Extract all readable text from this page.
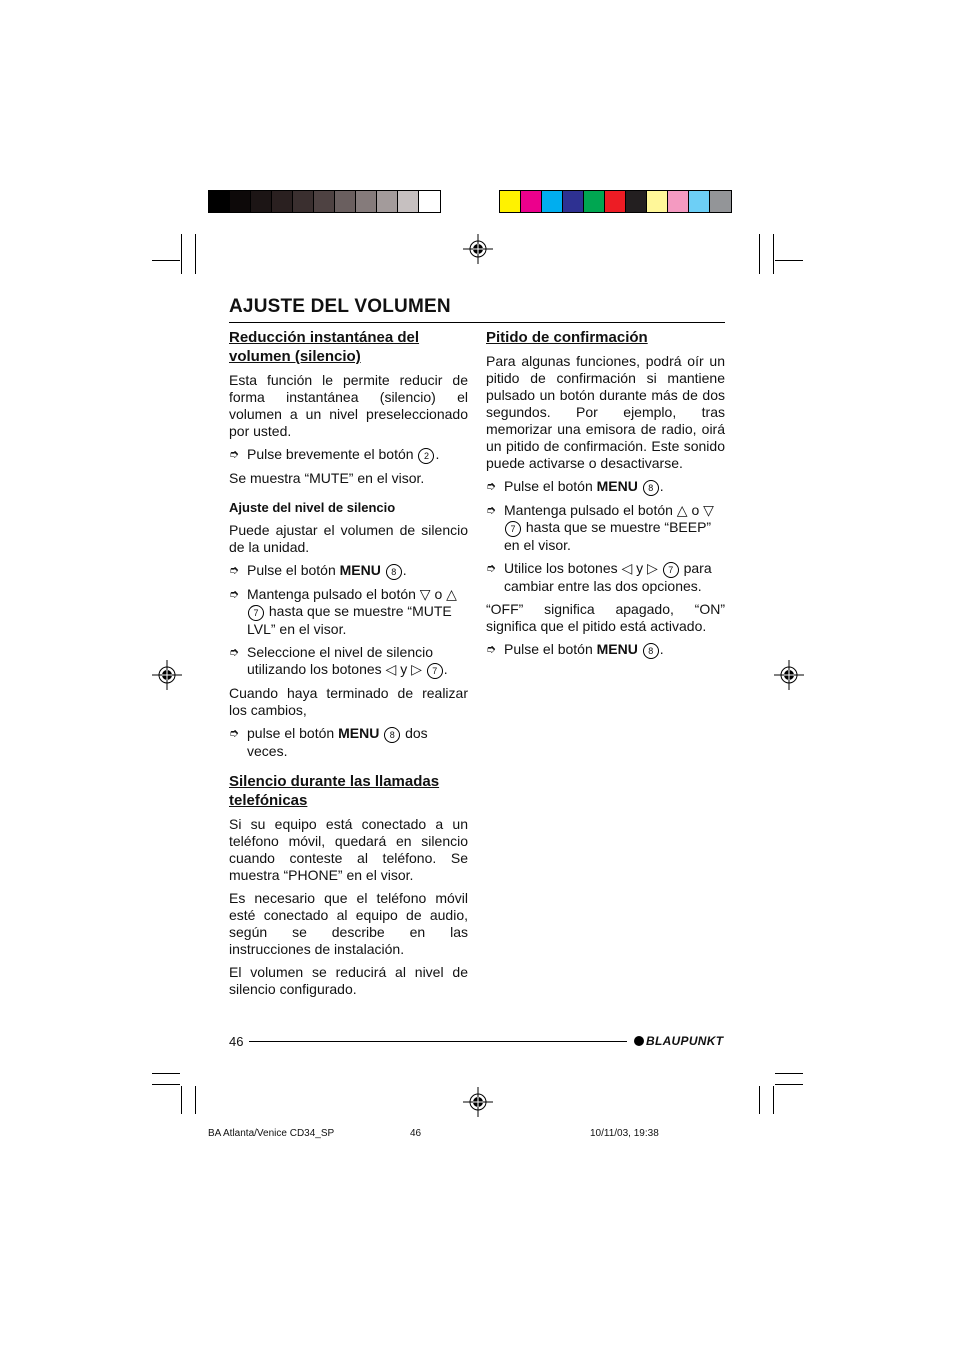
AJUSTE DEL VOLUMEN
Reducción instantánea del volumen (silencio)
Esta función le permite reducir de forma instantánea (silencio) el volumen a un nivel preseleccionado por usted.
➮ Pulse brevemente el botón 2 .
Se muestra “MUTE” en el visor.
Ajuste del nivel de silencio
Puede ajustar el volumen de silencio de la unidad.
➮ Pulse el botón MENU 8 .
➮ Mantenga pulsado el botón ▽ o △ 7 hasta que se muestre “MUTE LVL” en el visor.
➮ Seleccione el nivel de silencio utilizando los botones ◁ y ▷ 7 .
Cuando haya terminado de realizar los cambios,
➮ pulse el botón MENU 8 dos veces.
Silencio durante las llamadas telefónicas
Si su equipo está conectado a un teléfono móvil, quedará en silencio cuando conteste al teléfono. Se muestra “PHONE” en el visor.
Es necesario que el teléfono móvil esté conectado al equipo de audio, según se describe en las instrucciones de instalación.
El volumen se reducirá al nivel de silencio configurado.
Pitido de confirmación
Para algunas funciones, podrá oír un pitido de confirmación si mantiene pulsado un botón durante más de dos segundos. Por ejemplo, tras memorizar una emisora de radio, oirá un pitido de confirmación. Este sonido puede activarse o desactivarse.
➮ Pulse el botón MENU 8 .
➮ Mantenga pulsado el botón △ o ▽ 7 hasta que se muestre “BEEP” en el visor.
➮ Utilice los botones ◁ y ▷ 7 para cambiar entre las dos opciones.
“OFF” significa apagado, “ON” significa que el pitido está activado.
➮ Pulse el botón MENU 8 .
46	BLAUPUNKT
BA Atlanta/Venice CD34_SP	46	10/11/03, 19:38
